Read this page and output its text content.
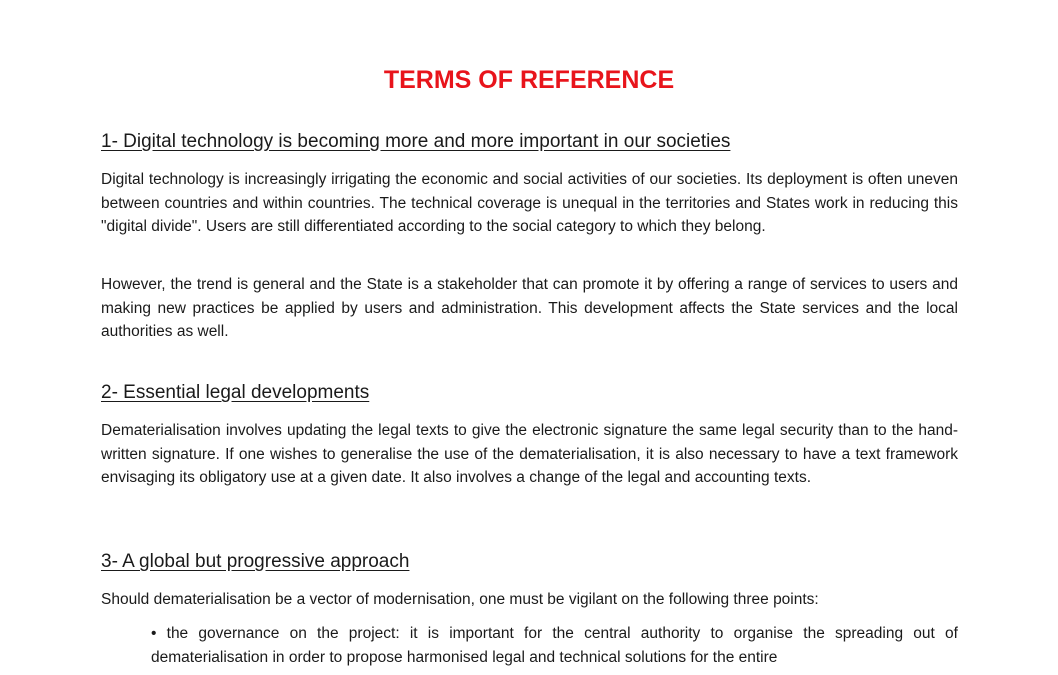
TERMS OF REFERENCE
1- Digital technology is becoming more and more important in our societies

Digital technology is increasingly irrigating the economic and social activities of our societies. Its deployment is often uneven between countries and within countries. The technical coverage is unequal in the territories and States work in reducing this "digital divide". Users are still differentiated according to the social category to which they belong.

However, the trend is general and the State is a stakeholder that can promote it by offering a range of services to users and making new practices be applied by users and administration. This development affects the State services and the local authorities as well.

2- Essential legal developments

Dematerialisation involves updating the legal texts to give the electronic signature the same legal security than to the hand-written signature. If one wishes to generalise the use of the dematerialisation, it is also necessary to have a text framework envisaging its obligatory use at a given date. It also involves a change of the legal and accounting texts.

3- A global but progressive approach

Should dematerialisation be a vector of modernisation, one must be vigilant on the following three points:

• the governance on the project: it is important for the central authority to organise the spreading out of dematerialisation in order to propose harmonised legal and technical solutions for the entire
